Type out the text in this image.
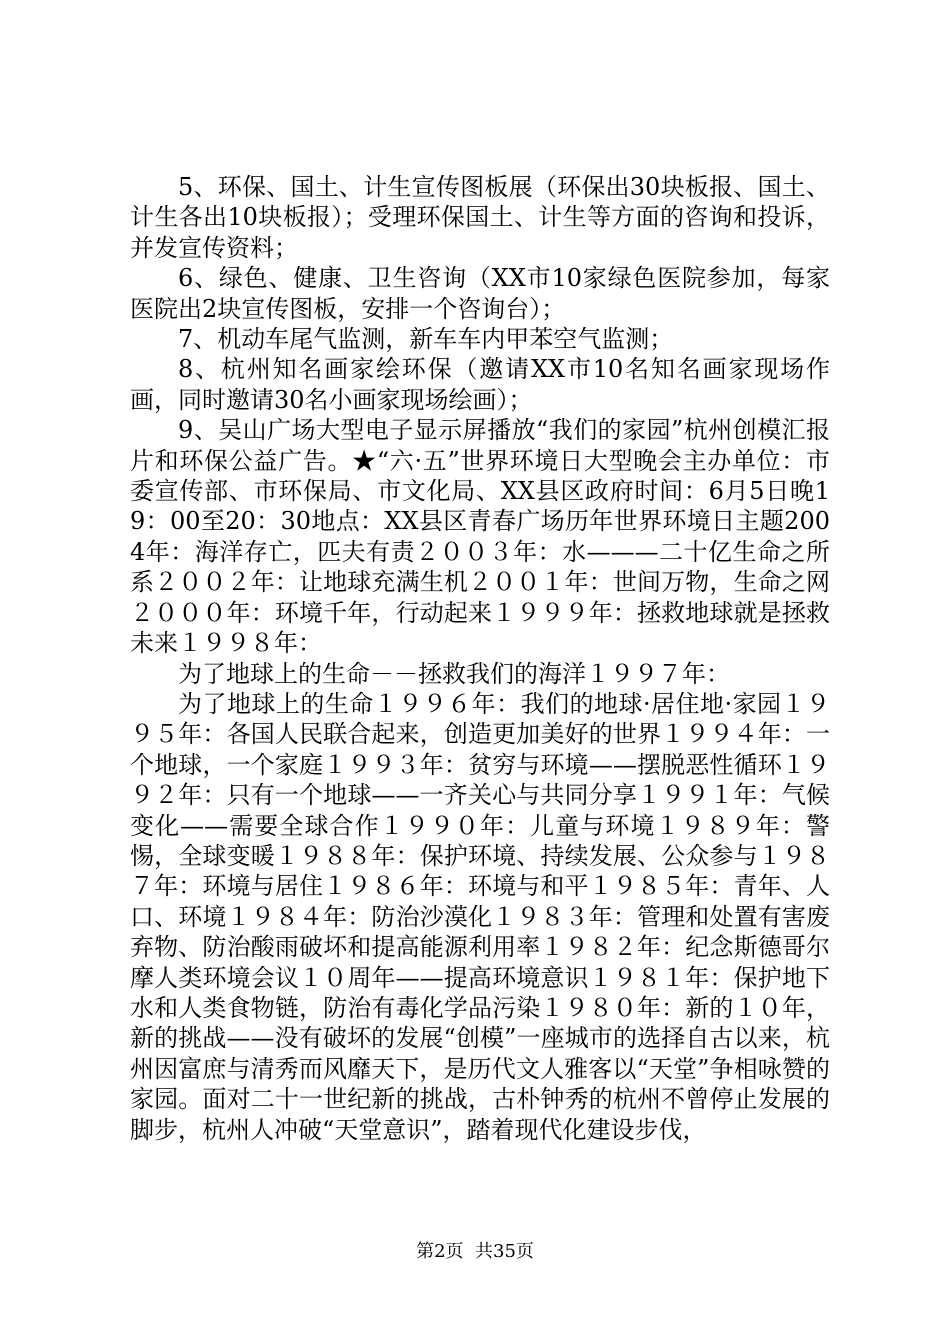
5、环保、国土、计生宣传图板展（环保出30块板报、国土、计生各出10块板报）；受理环保国土、计生等方面的咨询和投诉，并发宣传资料；

6、绿色、健康、卫生咨询（XX市10家绿色医院参加，每家医院出2块宣传图板，安排一个咨询台）；

7、机动车尾气监测，新车车内甲苯空气监测；

8、杭州知名画家绘环保（邀请XX市10名知名画家现场作画，同时邀请30名小画家现场绘画）；

9、吴山广场大型电子显示屏播放“我们的家园”杭州创模汇报片和环保公益广告。★“六·五”世界环境日大型晚会主办单位：市委宣传部、市环保局、市文化局、XX县区政府时间：6月5日晚19：00至20：30地点：XX县区青春广场历年世界环境日主题2004年：海洋存亡，匹夫有责２００３年：水———二十亿生命之所系２００２年：让地球充满生机２００１年：世间万物，生命之网２０００年：环境千年，行动起来１９９９年：拯救地球就是拯救未来１９９８年：

为了地球上的生命－－拯救我们的海洋１９９７年：

为了地球上的生命１９９６年：我们的地球·居住地·家园１９９５年：各国人民联合起来，创造更加美好的世界１９９４年：一个地球，一个家庭１９９３年：贫穷与环境——摆脱恶性循环１９９２年：只有一个地球——一齐关心与共同分享１９９１年：气候变化——需要全球合作１９９０年：儿童与环境１９８９年：警惕，全球变暖１９８８年：保护环境、持续发展、公众参与１９８７年：环境与居住１９８６年：环境与和平１９８５年：青年、人口、环境１９８４年：防治沙漠化１９８３年：管理和处置有害废弃物、防治酸雨破坏和提高能源利用率１９８２年：纪念斯德哥尔摩人类环境会议１０周年——提高环境意识１９８１年：保护地下水和人类食物链，防治有毒化学品污染１９８０年：新的１０年，新的挑战——没有破坏的发展“创模”一座城市的选择自古以来，杭州因富庶与清秀而风靡天下，是历代文人雅客以“天堂”争相咏赞的家园。面对二十一世纪新的挑战，古朴钟秀的杭州不曾停止发展的脚步，杭州人冲破“天堂意识”，踏着现代化建设步伐，

第2页 共35页
